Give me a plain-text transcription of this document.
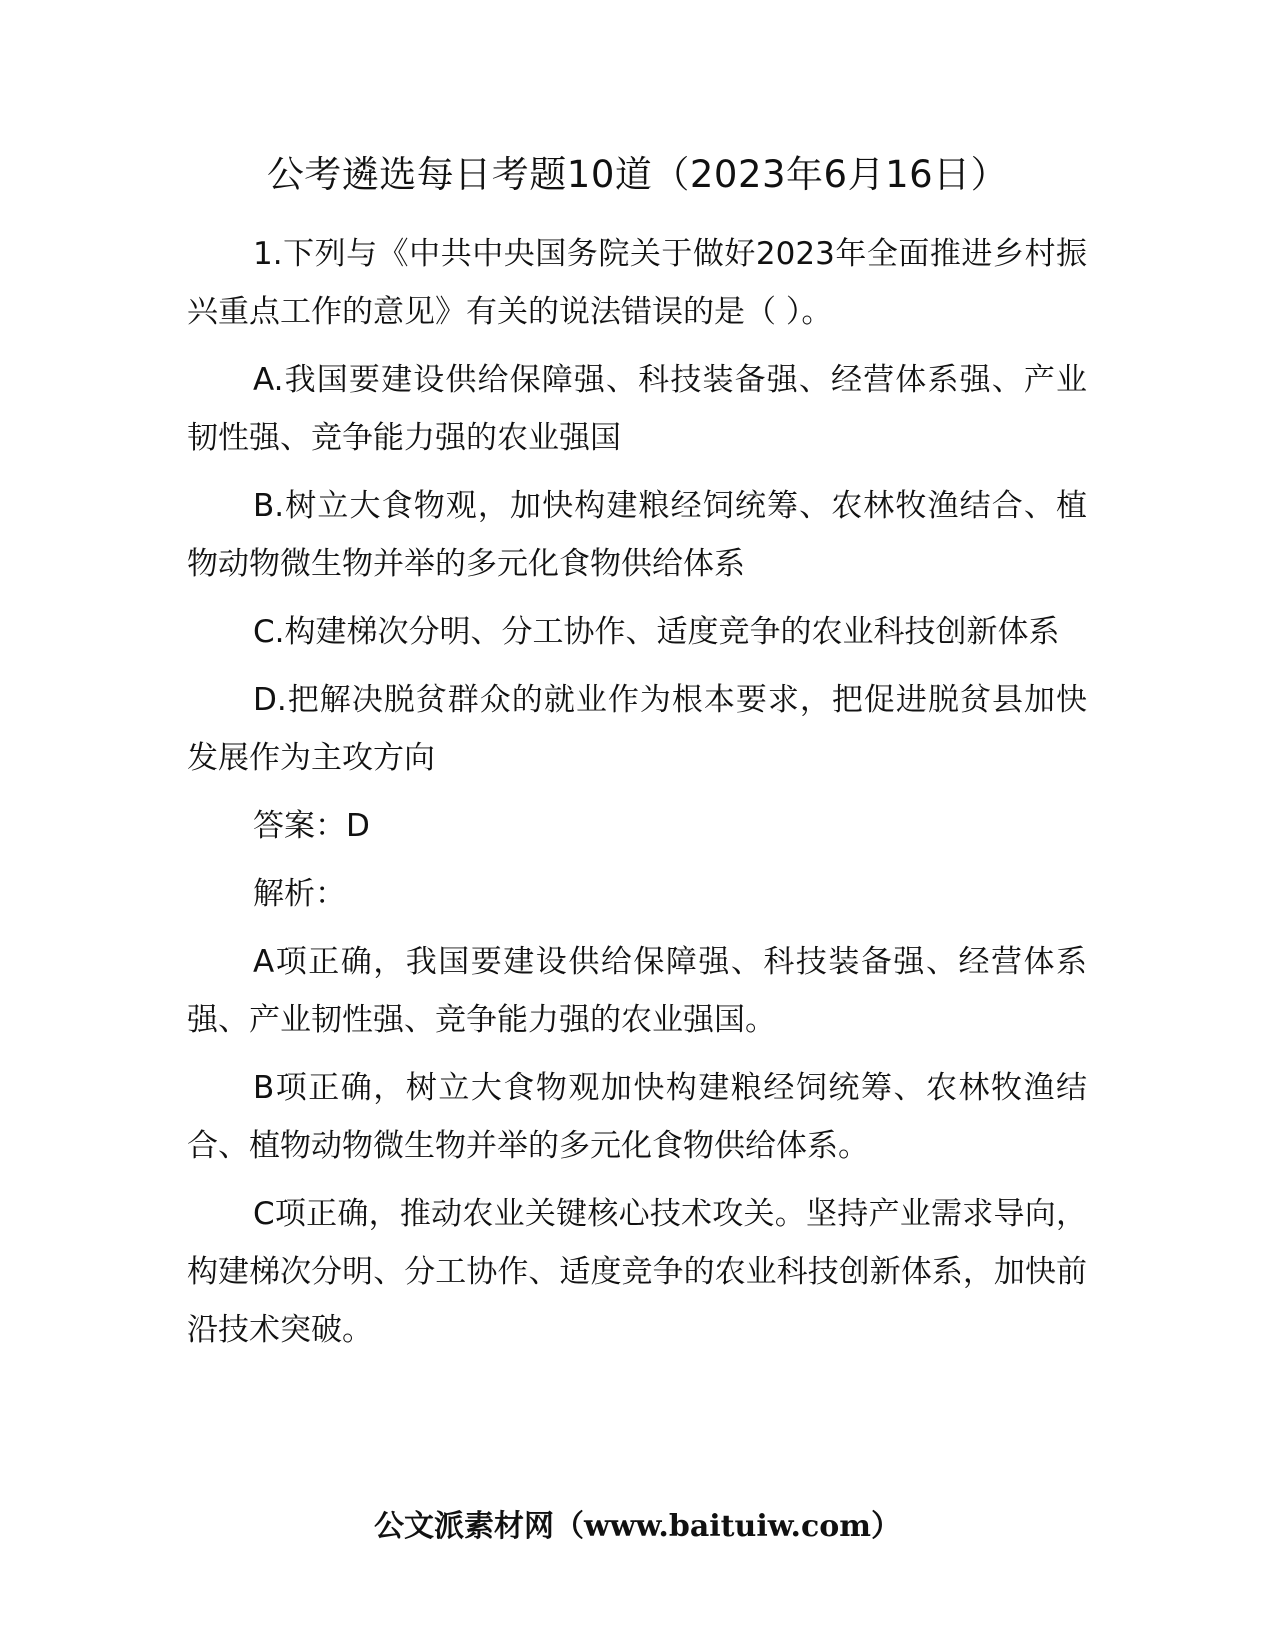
公考遴选每日考题10道（2023年6月16日）

1.下列与《中共中央国务院关于做好2023年全面推进乡村振兴重点工作的意见》有关的说法错误的是（ ）。

A.我国要建设供给保障强、科技装备强、经营体系强、产业韧性强、竞争能力强的农业强国

B.树立大食物观，加快构建粮经饲统筹、农林牧渔结合、植物动物微生物并举的多元化食物供给体系

C.构建梯次分明、分工协作、适度竞争的农业科技创新体系

D.把解决脱贫群众的就业作为根本要求，把促进脱贫县加快发展作为主攻方向

答案：D

解析：

A项正确，我国要建设供给保障强、科技装备强、经营体系强、产业韧性强、竞争能力强的农业强国。

B项正确，树立大食物观加快构建粮经饲统筹、农林牧渔结合、植物动物微生物并举的多元化食物供给体系。

C项正确，推动农业关键核心技术攻关。坚持产业需求导向，构建梯次分明、分工协作、适度竞争的农业科技创新体系，加快前沿技术突破。

公文派素材网（www.baituiw.com）
